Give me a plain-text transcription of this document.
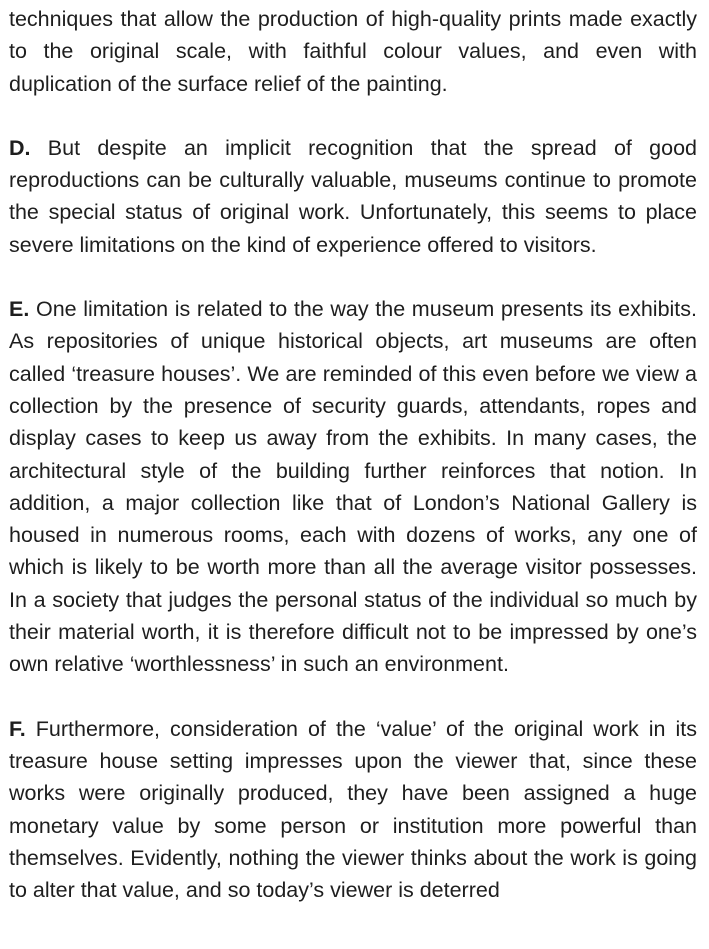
techniques that allow the production of high-quality prints made exactly to the original scale, with faithful colour values, and even with duplication of the surface relief of the painting.

D. But despite an implicit recognition that the spread of good reproductions can be culturally valuable, museums continue to promote the special status of original work. Unfortunately, this seems to place severe limitations on the kind of experience offered to visitors.

E. One limitation is related to the way the museum presents its exhibits. As repositories of unique historical objects, art museums are often called ‘treasure houses’. We are reminded of this even before we view a collection by the presence of security guards, attendants, ropes and display cases to keep us away from the exhibits. In many cases, the architectural style of the building further reinforces that notion. In addition, a major collection like that of London’s National Gallery is housed in numerous rooms, each with dozens of works, any one of which is likely to be worth more than all the average visitor possesses. In a society that judges the personal status of the individual so much by their material worth, it is therefore difficult not to be impressed by one’s own relative ‘worthlessness’ in such an environment.

F. Furthermore, consideration of the ‘value’ of the original work in its treasure house setting impresses upon the viewer that, since these works were originally produced, they have been assigned a huge monetary value by some person or institution more powerful than themselves. Evidently, nothing the viewer thinks about the work is going to alter that value, and so today’s viewer is deterred
